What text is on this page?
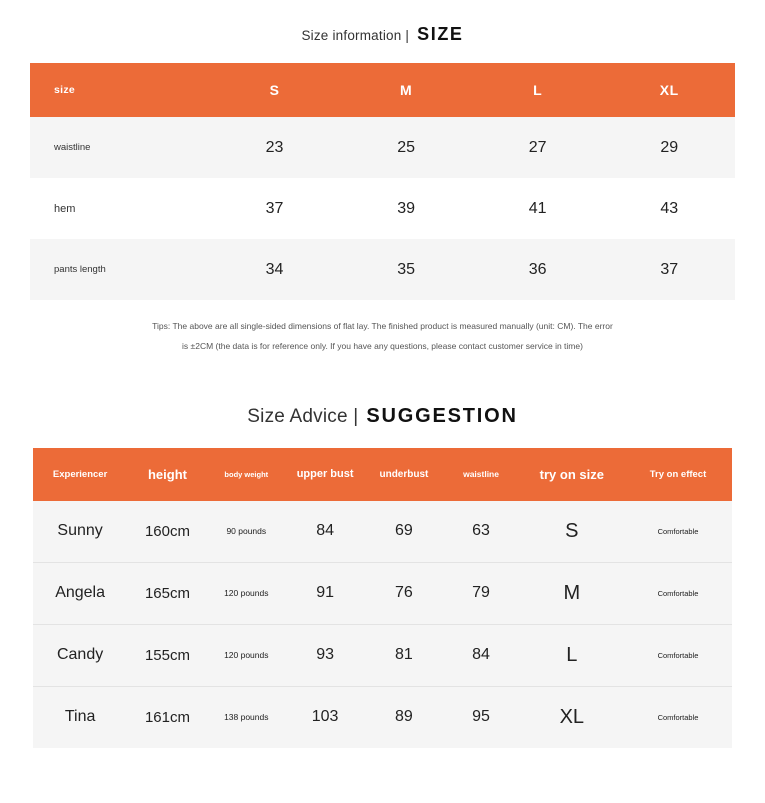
Size information | SIZE
size	S	M	L	XL
waistline	23	25	27	29
hem	37	39	41	43
pants length	34	35	36	37
Tips: The above are all single-sided dimensions of flat lay. The finished product is measured manually (unit: CM). The error
is ±2CM (the data is for reference only. If you have any questions, please contact customer service in time)
Size Advice | SUGGESTION
Experiencer	height	body weight	upper bust	underbust	waistline	try on size	Try on effect
Sunny	160cm	90 pounds	84	69	63	S	Comfortable
Angela	165cm	120 pounds	91	76	79	M	Comfortable
Candy	155cm	120 pounds	93	81	84	L	Comfortable
Tina	161cm	138 pounds	103	89	95	XL	Comfortable
